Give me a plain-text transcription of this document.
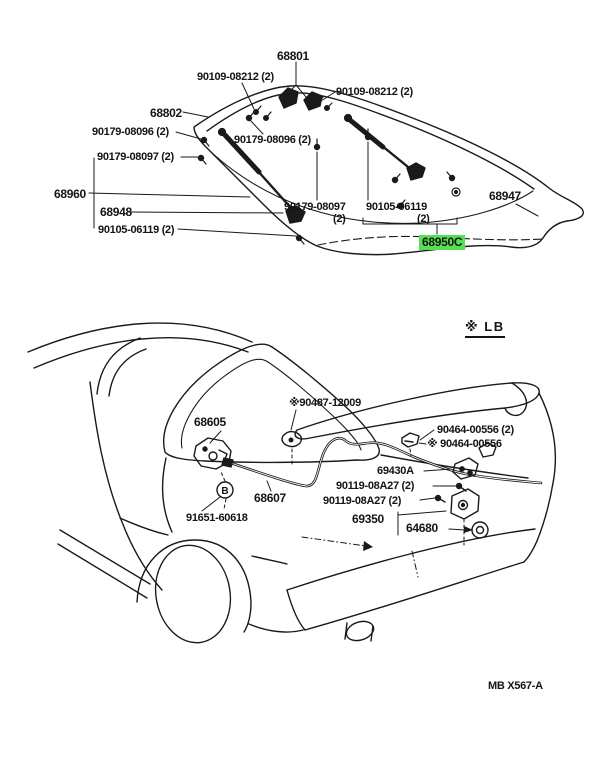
B
68801
90109-08212 (2)
90109-08212 (2)
68802
90179-08096 (2)
90179-08096 (2)
90179-08097 (2)
68960
68948
90105-06119 (2)
90179-08097
(2)
90105-06119
(2)
68947
68950C
※ LB
※90487-12009
68605
90464-00556 (2)
※ 90464-00556
69430A
90119-08A27 (2)
90119-08A27 (2)
68607
91651-60618	69350
64680
MB X567-A
